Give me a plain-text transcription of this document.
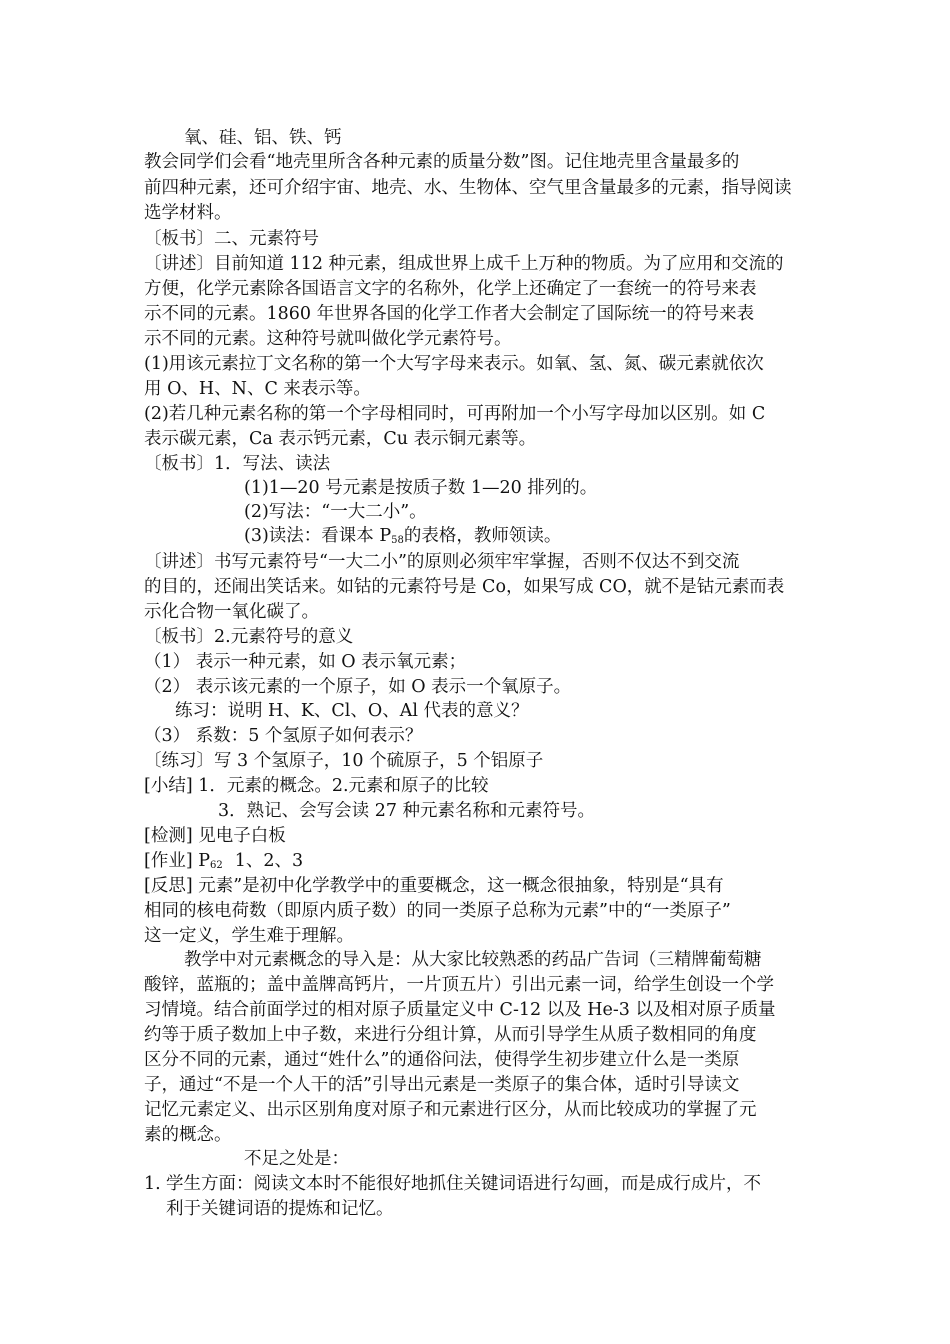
氧、硅、铝、铁、钙
教会同学们会看“地壳里所含各种元素的质量分数”图。记住地壳里含量最多的
前四种元素，还可介绍宇宙、地壳、水、生物体、空气里含量最多的元素，指导阅读
选学材料。
〔板书〕二、元素符号
〔讲述〕目前知道 112 种元素，组成世界上成千上万种的物质。为了应用和交流的
方便，化学元素除各国语言文字的名称外，化学上还确定了一套统一的符号来表
示不同的元素。1860 年世界各国的化学工作者大会制定了国际统一的符号来表
示不同的元素。这种符号就叫做化学元素符号。
(1)用该元素拉丁文名称的第一个大写字母来表示。如氧、氢、氮、碳元素就依次
用 O、H、N、C 来表示等。
(2)若几种元素名称的第一个字母相同时，可再附加一个小写字母加以区别。如 C
表示碳元素，Ca 表示钙元素，Cu 表示铜元素等。
〔板书〕1．写法、读法
(1)1—20 号元素是按质子数 1—20 排列的。
(2)写法：“一大二小”。
(3)读法：看课本 $P_{58}$的表格，教师领读。
〔讲述〕书写元素符号“一大二小”的原则必须牢牢掌握，否则不仅达不到交流
的目的，还闹出笑话来。如钴的元素符号是 Co，如果写成 CO，就不是钴元素而表
示化合物一氧化碳了。
〔板书〕2.元素符号的意义
（1） 表示一种元素，如 O 表示氧元素；
（2） 表示该元素的一个原子，如 O 表示一个氧原子。
练习：说明 H、K、Cl、O、Al 代表的意义？
（3） 系数：5 个氢原子如何表示？
〔练习〕写 3 个氢原子，10 个硫原子，5 个铝原子
[小结] 1．元素的概念。2.元素和原子的比较
3．熟记、会写会读 27 种元素名称和元素符号。
[检测] 见电子白板
[作业] $P_{62}$ 1、2、3
[反思] 元素”是初中化学教学中的重要概念，这一概念很抽象，特别是“具有
相同的核电荷数（即原内质子数）的同一类原子总称为元素”中的“一类原子”
这一定义，学生难于理解。
教学中对元素概念的导入是：从大家比较熟悉的药品广告词（三精牌葡萄糖
酸锌，蓝瓶的；盖中盖牌高钙片，一片顶五片）引出元素一词，给学生创设一个学
习情境。结合前面学过的相对原子质量定义中 C-12 以及 He-3 以及相对原子质量
约等于质子数加上中子数，来进行分组计算，从而引导学生从质子数相同的角度
区分不同的元素，通过“姓什么”的通俗问法，使得学生初步建立什么是一类原
子，通过“不是一个人干的活”引导出元素是一类原子的集合体，适时引导读文
记忆元素定义、出示区别角度对原子和元素进行区分，从而比较成功的掌握了元
素的概念。
不足之处是：
1. 学生方面：阅读文本时不能很好地抓住关键词语进行勾画，而是成行成片，不
利于关键词语的提炼和记忆。
